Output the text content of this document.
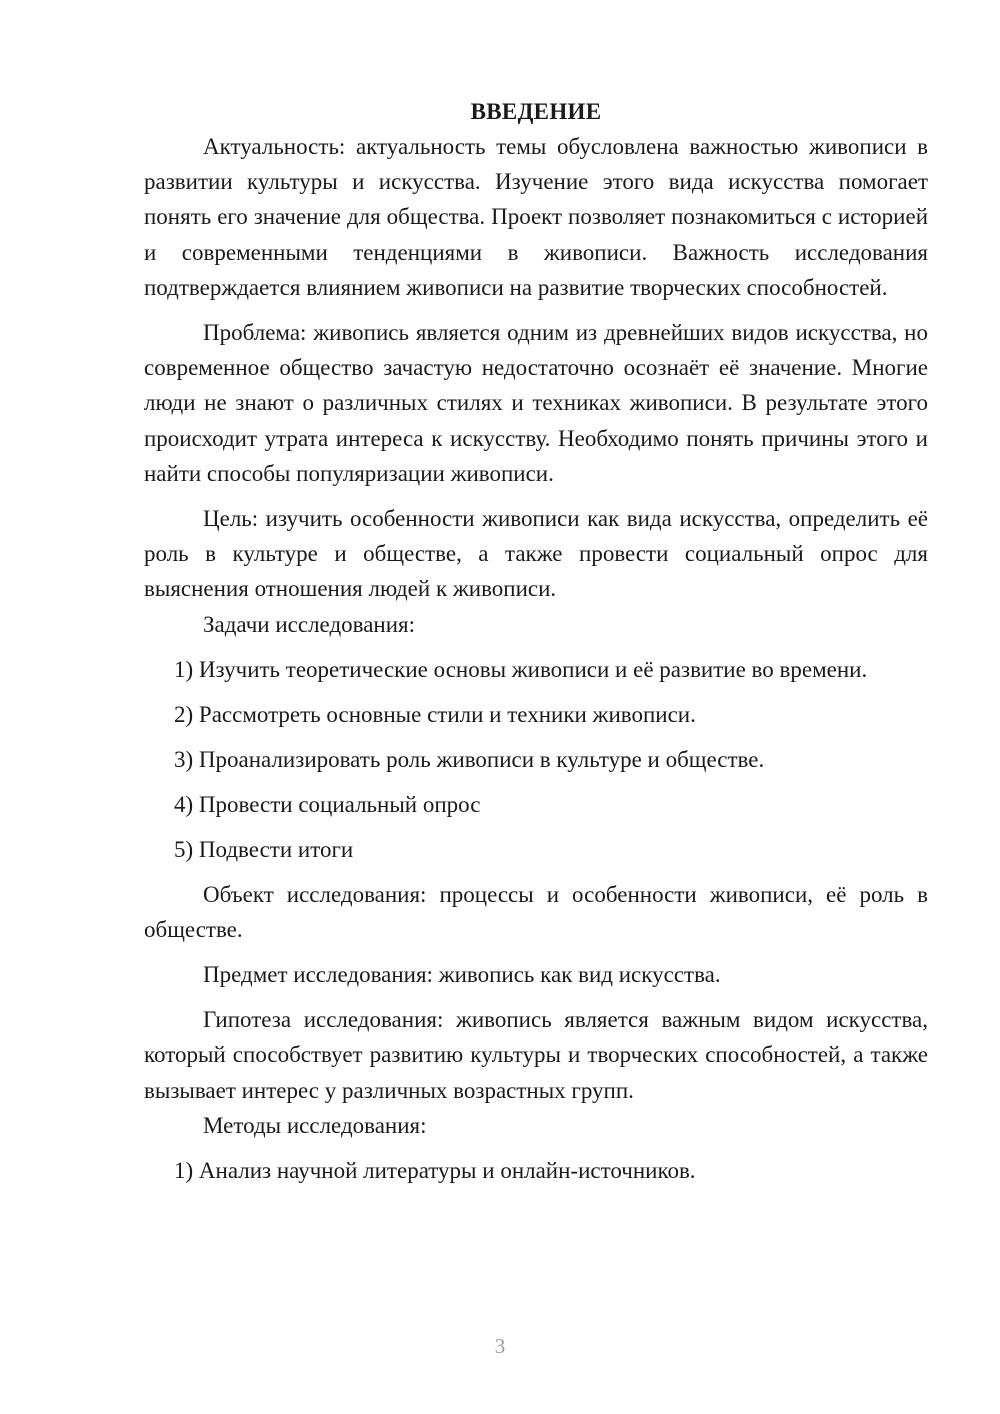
ВВЕДЕНИЕ

Актуальность: актуальность темы обусловлена важностью живописи в развитии культуры и искусства. Изучение этого вида искусства помогает понять его значение для общества. Проект позволяет познакомиться с историей и современными тенденциями в живописи. Важность исследования подтверждается влиянием живописи на развитие творческих способностей.

Проблема: живопись является одним из древнейших видов искусства, но современное общество зачастую недостаточно осознаёт её значение. Многие люди не знают о различных стилях и техниках живописи. В результате этого происходит утрата интереса к искусству. Необходимо понять причины этого и найти способы популяризации живописи.

Цель: изучить особенности живописи как вида искусства, определить её роль в культуре и обществе, а также провести социальный опрос для выяснения отношения людей к живописи.

Задачи исследования:

1) Изучить теоретические основы живописи и её развитие во времени.

2) Рассмотреть основные стили и техники живописи.

3) Проанализировать роль живописи в культуре и обществе.

4) Провести социальный опрос

5) Подвести итоги

Объект исследования: процессы и особенности живописи, её роль в обществе.

Предмет исследования: живопись как вид искусства.

Гипотеза исследования: живопись является важным видом искусства, который способствует развитию культуры и творческих способностей, а также вызывает интерес у различных возрастных групп.

Методы исследования:

1) Анализ научной литературы и онлайн-источников.

3
